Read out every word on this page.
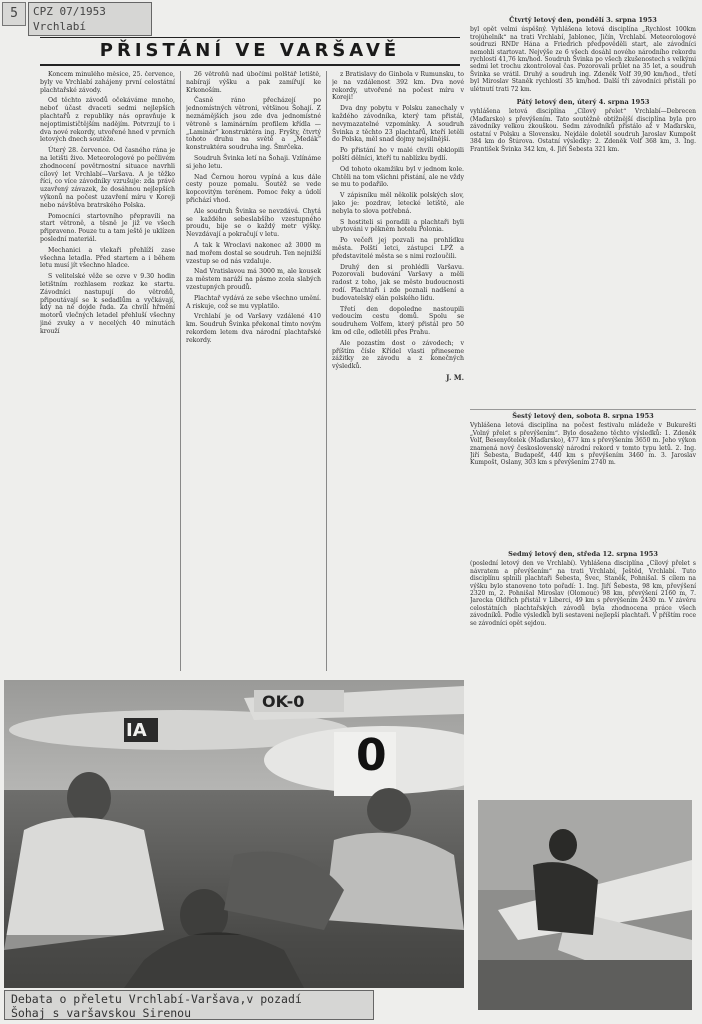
5	CPZ 07/1953
Vrchlabí
PŘISTÁNÍ VE VARŠAVĚ

Koncem minulého měsíce, 25. července, byly ve Vrchlabí zahájeny první celostátní plachtařské závody.

Od těchto závodů očekáváme mnoho, neboť účast dvaceti sedmi nejlepších plachtařů z republiky nás opravňuje k nejoptimističtějším nadějím. Potvrzují to i dva nové rekordy, utvořené hned v prvních letových dnech soutěže.

Úterý 28. července. Od časného rána je na letišti živo. Meteorologové po pečlivém zhodnocení povětrnostní situace navrhli cílový let Vrchlabí—Varšava. A je těžko říci, co více závodníky vzrušuje: zda právě uzavřený závazek, že dosáhnou nejlepších výkonů na počest uzavření míru v Koreji nebo návštěva bratrského Polska.

Pomocníci startovního přepravili na start větroně, a těsně je již ve všech připraveno. Pouze tu a tam ještě je uklízen poslední materiál.

Mechanici a vlekaři přehlíží zase všechna letadla. Před startem a i během letu musí jít všechno hladce.

S velitelské věže se ozve v 9.30 hodin letištním rozhlasem rozkaz ke startu. Závodníci nastupují do větroňů, připoutávají se k sedadlům a vyčkávají, kdy na ně dojde řada. Za chvíli hřmění motorů vlečných letadel přehluší všechny jiné zvuky a v necelých 40 minutách krouží

26 větroňů nad úbočími polštář letiště, nabírají výšku a pak zamířují ke Krkonoším.

Časně ráno přecházejí po jednomístných větroni, většinou Šohají. Z neznámějších jsou zde dva jednomístné větroně s laminárním profilem křídla — „Laminár“ konstruktéra ing. Fryšty, čtvrtý tohoto druhu na světě a „Medák“ konstruktéra soudruha ing. Šmrčeka.

Soudruh Švinka letí na Šohaji. Vzlínáme si jeho letu.

Nad Černou horou vypíná a kus dále cesty pouze pomalu. Soutěž se vede kopcovitým terénem. Pomoc řeky a údolí přichází vhod.

Ale soudruh Švinka se nevzdává. Chytá se každého sebeslabšího vzestupného proudu, bije se o každý metr výšky. Nevzdávají a pokračují v letu.

A tak k Wroclavi nakonec až 3000 m nad mořem dostal se soudruh. Ten nejnižší vzestup se od nás vzdaluje.

Nad Vratislavou má 3000 m, ale kousek za městem naráží na pásmo zcela slabých vzestupných proudů.

Plachtař vydává ze sebe všechno umění. A riskuje, což se mu vyplatilo.

Vrchlabí je od Varšavy vzdálené 410 km. Soudruh Švinka překonal tímto novým rekordem letem dva národní plachtařské rekordy.

z Bratislavy do Ginbola v Rumunsku, to je na vzdálenost 392 km. Dva nové rekordy, utvořené na počest míru v Koreji!

Dva dny pobytu v Polsku zanechaly v každého závodníka, který tam přistál, nevymazatelné vzpomínky. A soudruh Švinka z těchto 23 plachtařů, kteří letěli do Polska, měl snad dojmy nejsilnější.

Po přistání ho v malé chvíli obklopili polští dělníci, kteří tu nablízku bydlí.

Od tohoto okamžiku byl v jednom kole. Chtěli na tom všichni přistání, ale ne vždy se mu to podařilo.

V zápisníku měl několik polských slov, jako je: pozdrav, letecké letiště, ale nebyla to slova potřebná.

S hostiteli si poradili a plachtaři byli ubytováni v pěkném hotelu Polonia.

Po večeři jej pozvali na prohlídku města. Polští letci, zástupci LPŽ a představitelé města se s nimi rozloučili.

Druhý den si prohlédli Varšavu. Pozorovali budování Varšavy a měli radost z toho, jak se město budoucnosti rodí. Plachtaři i zde poznali nadšení a budovatelský elán polského lidu.

Třetí den dopoledne nastoupili vedoucím cestu domů. Spolu se soudruhem Volfem, který přistál pro 50 km od cíle, odletěli přes Prahu.

Ale pozastím dost o závodech; v příštím čísle Křídel vlasti přineseme zážitky ze závodu a z konečných výsledků.

J. M.
Čtvrtý letový den, pondělí 3. srpna 1953
byl opět velmi úspěšný. Vyhlášena letová disciplína „Rychlost 100km trojúhelník“ na trati Vrchlabí, Jablonec, Jičín, Vrchlabí. Meteorologové soudruzi RNDr Hána a Friedrich předpověděli start, ale závodníci nemohli startovat. Nejvýše ze 6 všech dosáhl nového národního rekordu rychlostí 41,76 km/hod. Soudruh Švinka po všech zkušenostech s velkými sedmi let trochu zkontroloval čas. Pozorovali průlet na 35 let, a soudruh Švinka se vrátil. Druhý a soudruh ing. Zdeněk Volf 39,90 km/hod., třetí byl Miroslav Staněk rychlostí 35 km/hod. Další tři závodníci přistáli po ulétnutí trati 72 km.
Pátý letový den, úterý 4. srpna 1953
vyhlášena letová disciplína „Cílový přelet“ Vrchlabí—Debrecen (Maďarsko) s převýšením. Tato soutěžně obtížnější disciplína byla pro závodníky velkou zkouškou. Sedm závodníků přistálo až v Maďarsku, ostatní v Polsku a Slovensku. Nejdále doletěl soudruh Jaroslav Kumpošt 384 km do Štúrova. Ostatní výsledky: 2. Zdeněk Volf 368 km, 3. Ing. František Švinka 342 km, 4. Jiří Šebesta 321 km.
Šestý letový den, sobota 8. srpna 1953
Vyhlášena letová disciplína na počest festivalu mládeže v Bukurešti „Volný přelet s převýšením“. Bylo dosaženo těchto výsledků: 1. Zdeněk Volf, Besenyőtelek (Maďarsko), 477 km s převýšením 3650 m. Jeho výkon znamená nový československý národní rekord v tomto typu letů. 2. Ing. Jiří Šebesta, Budapešť, 440 km s převýšením 3460 m. 3. Jaroslav Kumpošt, Oslany, 303 km s převýšením 2740 m.
Sedmý letový den, středa 12. srpna 1953
(poslední letový den ve Vrchlabí). Vyhlášena disciplína „Cílový přelet s návratem a převýšením“ na trati Vrchlabí, Ještěd, Vrchlabí. Tuto disciplínu splnili plachtaři Šebesta, Švec, Staněk, Pohnišal. S cílem na výšku bylo stanoveno toto pořadí: 1. Ing. Jiří Šebesta, 98 km, převýšení 2320 m, 2. Pohnišal Miroslav (Olomouc) 98 km, převýšení 2160 m, 7. Jarecka Oldřich přistál v Liberci, 49 km s převýšením 2430 m. V závěru celostátních plachtařských závodů byla zhodnocena práce všech závodníků. Podle výsledků byli sestaveni nejlepší plachtaři. V příštím roce se závodníci opět sejdou.
OK-0
0
IA
Debata o přeletu Vrchlabí-Varšava,v pozadí
Šohaj s varšavskou Sirenou
